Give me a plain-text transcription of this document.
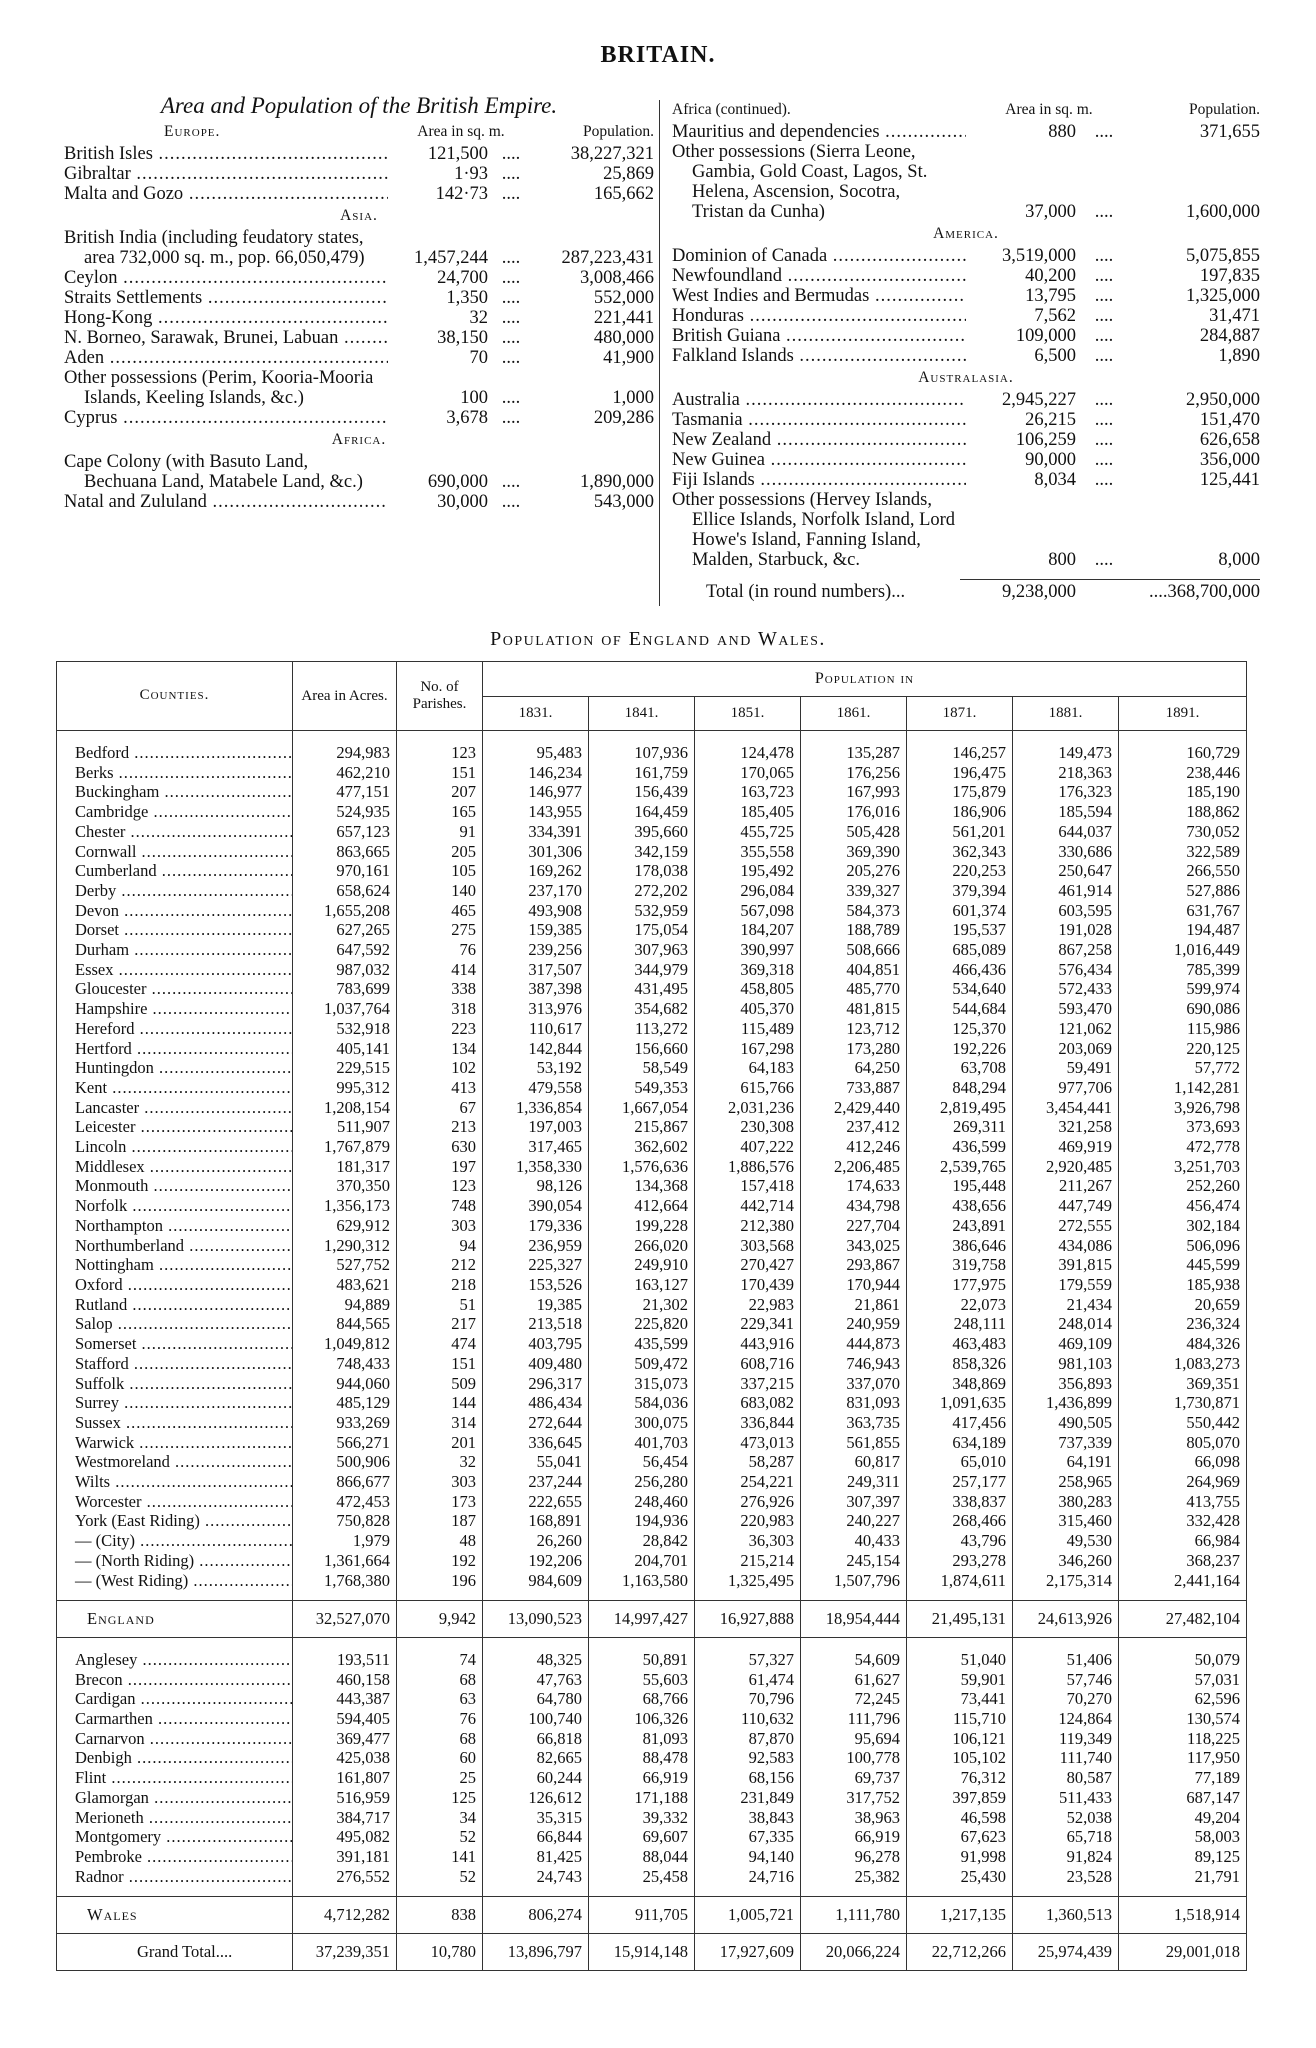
BRITAIN.
Area and Population of the British Empire.
Area in sq. m.	Population.
Europe.
British Isles .....	121,500 ....	38,227,321
Gibraltar .....	1·93 ....	25,869
Malta and Gozo .....	142·73 ....	165,662
Asia.
British India (including feudatory states, area 732,000 sq. m., pop. 66,050,479)	1,457,244 ....	287,223,431
Ceylon .....	24,700 ....	3,008,466
Straits Settlements .....	1,350 ....	552,000
Hong-Kong .....	32 ....	221,441
N. Borneo, Sarawak, Brunei, Labuan .....	38,150 ....	480,000
Aden .....	70 ....	41,900
Other possessions (Perim, Kooria-Mooria Islands, Keeling Islands, &c.)	100 ....	1,000
Cyprus .....	3,678 ....	209,286
Africa.
Cape Colony (with Basuto Land, Bechuana Land, Matabele Land, &c.)	690,000 ....	1,890,000
Natal and Zululand .....	30,000 ....	543,000
Africa (continued).	Area in sq. m.	Population.
Mauritius and dependencies .....	880	....	371,655
Other possessions (Sierra Leone, Gambia, Gold Coast, Lagos, St. Helena, Ascension, Socotra, Tristan da Cunha)	37,000	....	1,600,000
America.
Dominion of Canada .....	3,519,000	....	5,075,855
Newfoundland .....	40,200	....	197,835
West Indies and Bermudas .....	13,795	....	1,325,000
Honduras .....	7,562	....	31,471
British Guiana .....	109,000	....	284,887
Falkland Islands .....	6,500	....	1,890
Australasia.
Australia .....	2,945,227	....	2,950,000
Tasmania .....	26,215	....	151,470
New Zealand .....	106,259	....	626,658
New Guinea .....	90,000	....	356,000
Fiji Islands .....	8,034	....	125,441
Other possessions (Hervey Islands, Ellice Islands, Norfolk Island, Lord Howe's Island, Fanning Island, Malden, Starbuck, &c.	800	....	8,000
Total (in round numbers)...	9,238,000	....368,700,000
Population of England and Wales.
Counties.	Area in Acres.	No. of Parishes.	Population in						
			1831.	1841.	1851.	1861.	1871.	1881.	1891.
Bedford .....	294,983	123	95,483	107,936	124,478	135,287	146,257	149,473	160,729
Berks .....	462,210	151	146,234	161,759	170,065	176,256	196,475	218,363	238,446
Buckingham .....	477,151	207	146,977	156,439	163,723	167,993	175,879	176,323	185,190
Cambridge .....	524,935	165	143,955	164,459	185,405	176,016	186,906	185,594	188,862
Chester .....	657,123	91	334,391	395,660	455,725	505,428	561,201	644,037	730,052
Cornwall .....	863,665	205	301,306	342,159	355,558	369,390	362,343	330,686	322,589
Cumberland .....	970,161	105	169,262	178,038	195,492	205,276	220,253	250,647	266,550
Derby .....	658,624	140	237,170	272,202	296,084	339,327	379,394	461,914	527,886
Devon .....	1,655,208	465	493,908	532,959	567,098	584,373	601,374	603,595	631,767
Dorset .....	627,265	275	159,385	175,054	184,207	188,789	195,537	191,028	194,487
Durham .....	647,592	76	239,256	307,963	390,997	508,666	685,089	867,258	1,016,449
Essex .....	987,032	414	317,507	344,979	369,318	404,851	466,436	576,434	785,399
Gloucester .....	783,699	338	387,398	431,495	458,805	485,770	534,640	572,433	599,974
Hampshire .....	1,037,764	318	313,976	354,682	405,370	481,815	544,684	593,470	690,086
Hereford .....	532,918	223	110,617	113,272	115,489	123,712	125,370	121,062	115,986
Hertford .....	405,141	134	142,844	156,660	167,298	173,280	192,226	203,069	220,125
Huntingdon .....	229,515	102	53,192	58,549	64,183	64,250	63,708	59,491	57,772
Kent .....	995,312	413	479,558	549,353	615,766	733,887	848,294	977,706	1,142,281
Lancaster .....	1,208,154	67	1,336,854	1,667,054	2,031,236	2,429,440	2,819,495	3,454,441	3,926,798
Leicester .....	511,907	213	197,003	215,867	230,308	237,412	269,311	321,258	373,693
Lincoln .....	1,767,879	630	317,465	362,602	407,222	412,246	436,599	469,919	472,778
Middlesex .....	181,317	197	1,358,330	1,576,636	1,886,576	2,206,485	2,539,765	2,920,485	3,251,703
Monmouth .....	370,350	123	98,126	134,368	157,418	174,633	195,448	211,267	252,260
Norfolk .....	1,356,173	748	390,054	412,664	442,714	434,798	438,656	447,749	456,474
Northampton .....	629,912	303	179,336	199,228	212,380	227,704	243,891	272,555	302,184
Northumberland .....	1,290,312	94	236,959	266,020	303,568	343,025	386,646	434,086	506,096
Nottingham .....	527,752	212	225,327	249,910	270,427	293,867	319,758	391,815	445,599
Oxford .....	483,621	218	153,526	163,127	170,439	170,944	177,975	179,559	185,938
Rutland .....	94,889	51	19,385	21,302	22,983	21,861	22,073	21,434	20,659
Salop .....	844,565	217	213,518	225,820	229,341	240,959	248,111	248,014	236,324
Somerset .....	1,049,812	474	403,795	435,599	443,916	444,873	463,483	469,109	484,326
Stafford .....	748,433	151	409,480	509,472	608,716	746,943	858,326	981,103	1,083,273
Suffolk .....	944,060	509	296,317	315,073	337,215	337,070	348,869	356,893	369,351
Surrey .....	485,129	144	486,434	584,036	683,082	831,093	1,091,635	1,436,899	1,730,871
Sussex .....	933,269	314	272,644	300,075	336,844	363,735	417,456	490,505	550,442
Warwick .....	566,271	201	336,645	401,703	473,013	561,855	634,189	737,339	805,070
Westmoreland .....	500,906	32	55,041	56,454	58,287	60,817	65,010	64,191	66,098
Wilts .....	866,677	303	237,244	256,280	254,221	249,311	257,177	258,965	264,969
Worcester .....	472,453	173	222,655	248,460	276,926	307,397	338,837	380,283	413,755
York (East Riding) .....	750,828	187	168,891	194,936	220,983	240,227	268,466	315,460	332,428
— (City) .....	1,979	48	26,260	28,842	36,303	40,433	43,796	49,530	66,984
— (North Riding) .....	1,361,664	192	192,206	204,701	215,214	245,154	293,278	346,260	368,237
— (West Riding) .....	1,768,380	196	984,609	1,163,580	1,325,495	1,507,796	1,874,611	2,175,314	2,441,164
England	32,527,070	9,942	13,090,523	14,997,427	16,927,888	18,954,444	21,495,131	24,613,926	27,482,104
Anglesey .....	193,511	74	48,325	50,891	57,327	54,609	51,040	51,406	50,079
Brecon .....	460,158	68	47,763	55,603	61,474	61,627	59,901	57,746	57,031
Cardigan .....	443,387	63	64,780	68,766	70,796	72,245	73,441	70,270	62,596
Carmarthen .....	594,405	76	100,740	106,326	110,632	111,796	115,710	124,864	130,574
Carnarvon .....	369,477	68	66,818	81,093	87,870	95,694	106,121	119,349	118,225
Denbigh .....	425,038	60	82,665	88,478	92,583	100,778	105,102	111,740	117,950
Flint .....	161,807	25	60,244	66,919	68,156	69,737	76,312	80,587	77,189
Glamorgan .....	516,959	125	126,612	171,188	231,849	317,752	397,859	511,433	687,147
Merioneth .....	384,717	34	35,315	39,332	38,843	38,963	46,598	52,038	49,204
Montgomery .....	495,082	52	66,844	69,607	67,335	66,919	67,623	65,718	58,003
Pembroke .....	391,181	141	81,425	88,044	94,140	96,278	91,998	91,824	89,125
Radnor .....	276,552	52	24,743	25,458	24,716	25,382	25,430	23,528	21,791
Wales	4,712,282	838	806,274	911,705	1,005,721	1,111,780	1,217,135	1,360,513	1,518,914
Grand Total....	37,239,351	10,780	13,896,797	15,914,148	17,927,609	20,066,224	22,712,266	25,974,439	29,001,018
